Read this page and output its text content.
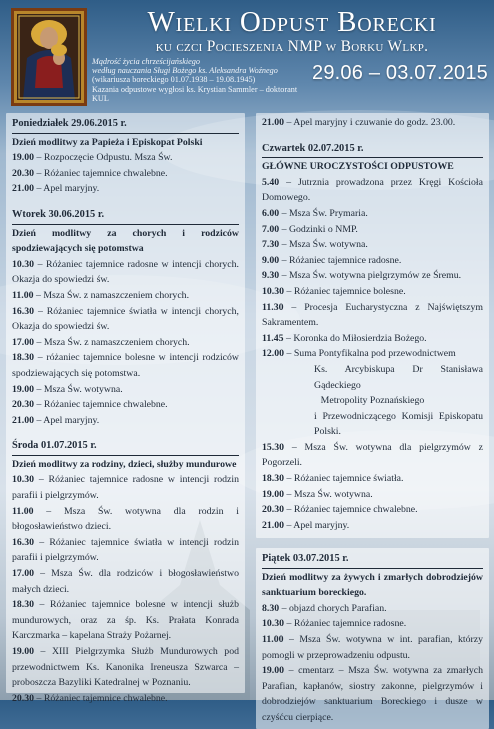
Wielki Odpust Borecki
ku czci Pocieszenia NMP w Borku Wlkp.
Mądrość życia chrześcijańskiego
według nauczania Sługi Bożego ks. Aleksandra Woźnego
(wikariusza boreckiego 01.07.1938 – 19.08.1945)
Kazania odpustowe wygłosi ks. Krystian Sammler – doktorant KUL
29.06 – 03.07.2015
Poniedziałek 29.06.2015 r.
Dzień modlitwy za Papieża i Episkopat Polski
19.00 – Rozpoczęcie Odpustu. Msza Św.
20.30 – Różaniec tajemnice chwalebne.
21.00 – Apel maryjny.
Wtorek 30.06.2015 r.
Dzień modlitwy za chorych i rodziców spodziewających się potomstwa
10.30 – Różaniec tajemnice radosne w intencji chorych. Okazja do spowiedzi św.
11.00 – Msza Św. z namaszczeniem chorych.
16.30 – Różaniec tajemnice światła w intencji chorych, Okazja do spowiedzi św.
17.00 – Msza Św. z namaszczeniem chorych.
18.30 – różaniec tajemnice bolesne w intencji rodziców spodziewających się potomstwa.
19.00 – Msza Św. wotywna.
20.30 – Różaniec tajemnice chwalebne.
21.00 – Apel maryjny.
Środa 01.07.2015 r.
Dzień modlitwy za rodziny, dzieci, służby mundurowe
10.30 – Różaniec tajemnice radosne w intencji rodzin parafii i pielgrzymów.
11.00 – Msza Św. wotywna dla rodzin i błogosławieństwo dzieci.
16.30 – Różaniec tajemnice światła w intencji rodzin parafii i pielgrzymów.
17.00 – Msza Św. dla rodziców i błogosławieństwo małych dzieci.
18.30 – Różaniec tajemnice bolesne w intencji służb mundurowych, oraz za śp. Ks. Prałata Konrada Karczmarka – kapelana Straży Pożarnej.
19.00 – XIII Pielgrzymka Służb Mundurowych pod przewodnictwem Ks. Kanonika Ireneusza Szwarca – proboszcza Bazyliki Katedralnej w Poznaniu.
20.30 – Różaniec tajemnice chwalebne.
21.00 – Apel maryjny i czuwanie do godz. 23.00.
Czwartek 02.07.2015 r.
GŁÓWNE UROCZYSTOŚCI ODPUSTOWE
5.40 – Jutrznia prowadzona przez Kręgi Kościoła Domowego.
6.00 – Msza Św. Prymaria.
7.00 – Godzinki o NMP.
7.30 – Msza Św. wotywna.
9.00 – Różaniec tajemnice radosne.
9.30 – Msza Św. wotywna pielgrzymów ze Śremu.
10.30 – Różaniec tajemnice bolesne.
11.30 – Procesja Eucharystyczna z Najświętszym Sakramentem.
11.45 – Koronka do Miłosierdzia Bożego.
12.00 – Suma Pontyfikalna pod przewodnictwem
Ks. Arcybiskupa Dr Stanisława Gądeckiego
Metropolity Poznańskiego
i Przewodniczącego Komisji Episkopatu Polski.
15.30 – Msza Św. wotywna dla pielgrzymów z Pogorzeli.
18.30 – Różaniec tajemnice światła.
19.00 – Msza Św. wotywna.
20.30 – Różaniec tajemnice chwalebne.
21.00 – Apel maryjny.
Piątek 03.07.2015 r.
Dzień modlitwy za żywych i zmarłych dobrodziejów sanktuarium boreckiego.
8.30 – objazd chorych Parafian.
10.30 – Różaniec tajemnice radosne.
11.00 – Msza Św. wotywna w int. parafian, którzy pomogli w przeprowadzeniu odpustu.
19.00 – cmentarz – Msza Św. wotywna za zmarłych Parafian, kapłanów, siostry zakonne, pielgrzymów i dobrodziejów sanktuarium Boreckiego i dusze w czyśćcu cierpiące.
